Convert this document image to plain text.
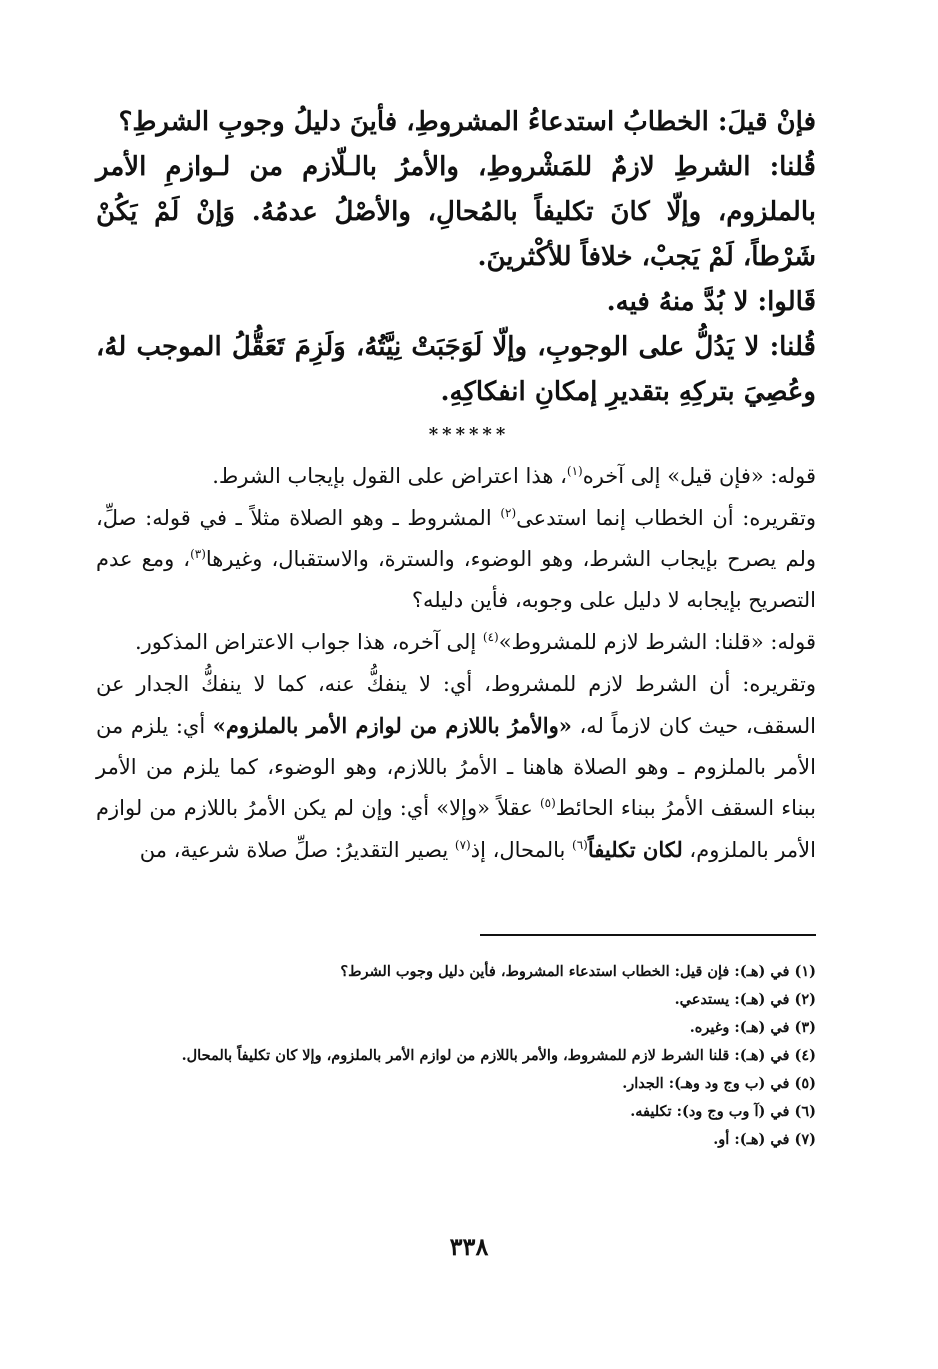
فإنْ قيلَ: الخطابُ استدعاءُ المشروطِ، فأينَ دليلُ وجوبِ الشرطِ؟

قُلنا: الشرطِ لازمٌ للمَشْروطِ، والأمرُ بالـلّازم من لـوازمِ الأمر بالملزوم، وإلّا كانَ تكليفاً بالمُحالِ، والأصْلُ عدمُهُ. وَإنْ لَمْ يَكُنْ شَرْطاً، لَمْ يَجبْ، خلافاً للأكْثرينَ.

قَالوا: لا بُدَّ منهُ فيه.

قُلنا: لا يَدُلُّ على الوجوبِ، وإلّا لَوَجَبَتْ نِيَّتُهُ، وَلَزِمَ تَعَقُّلُ الموجب لهُ، وعُصِيَ بتركِهِ بتقديرِ إمكانِ انفكاكِهِ.

******

قوله: «فإن قيل» إلى آخره$^{(١)}$، هذا اعتراض على القول بإيجاب الشرط.

وتقريره: أن الخطاب إنما استدعى$^{(٢)}$ المشروط ـ وهو الصلاة مثلاً ـ في قوله: صلِّ، ولم يصرح بإيجاب الشرط، وهو الوضوء، والسترة، والاستقبال، وغيرها$^{(٣)}$، ومع عدم التصريح بإيجابه لا دليل على وجوبه، فأين دليله؟

قوله: «قلنا: الشرط لازم للمشروط»$^{(٤)}$ إلى آخره، هذا جواب الاعتراض المذكور.

وتقريره: أن الشرط لازم للمشروط، أي: لا ينفكُّ عنه، كما لا ينفكُّ الجدار عن السقف، حيث كان لازماً له، «والأمرُ باللازم من لوازم الأمر بالملزوم» أي: يلزم من الأمر بالملزوم ـ وهو الصلاة هاهنا ـ الأمرُ باللازم، وهو الوضوء، كما يلزم من الأمر ببناء السقف الأمرُ ببناء الحائط$^{(٥)}$ عقلاً «وإلا» أي: وإن لم يكن الأمرُ باللازم من لوازم الأمر بالملزوم، لكان تكليفاً$^{(٦)}$ بالمحال، إذ$^{(٧)}$ يصير التقديرُ: صلِّ صلاة شرعية، من

(١) في (هـ): فإن قيل: الخطاب استدعاء المشروط، فأين دليل وجوب الشرط؟
(٢) في (هـ): يستدعي.
(٣) في (هـ): وغيره.
(٤) في (هـ): قلنا الشرط لازم للمشروط، والأمر باللازم من لوازم الأمر بالملزوم، وإلا كان تكليفاً بالمحال.
(٥) في (ب وج ود وهـ): الجدار.
(٦) في (آ وب وج ود): تكليفه.
(٧) في (هـ): أو.
٣٣٨
